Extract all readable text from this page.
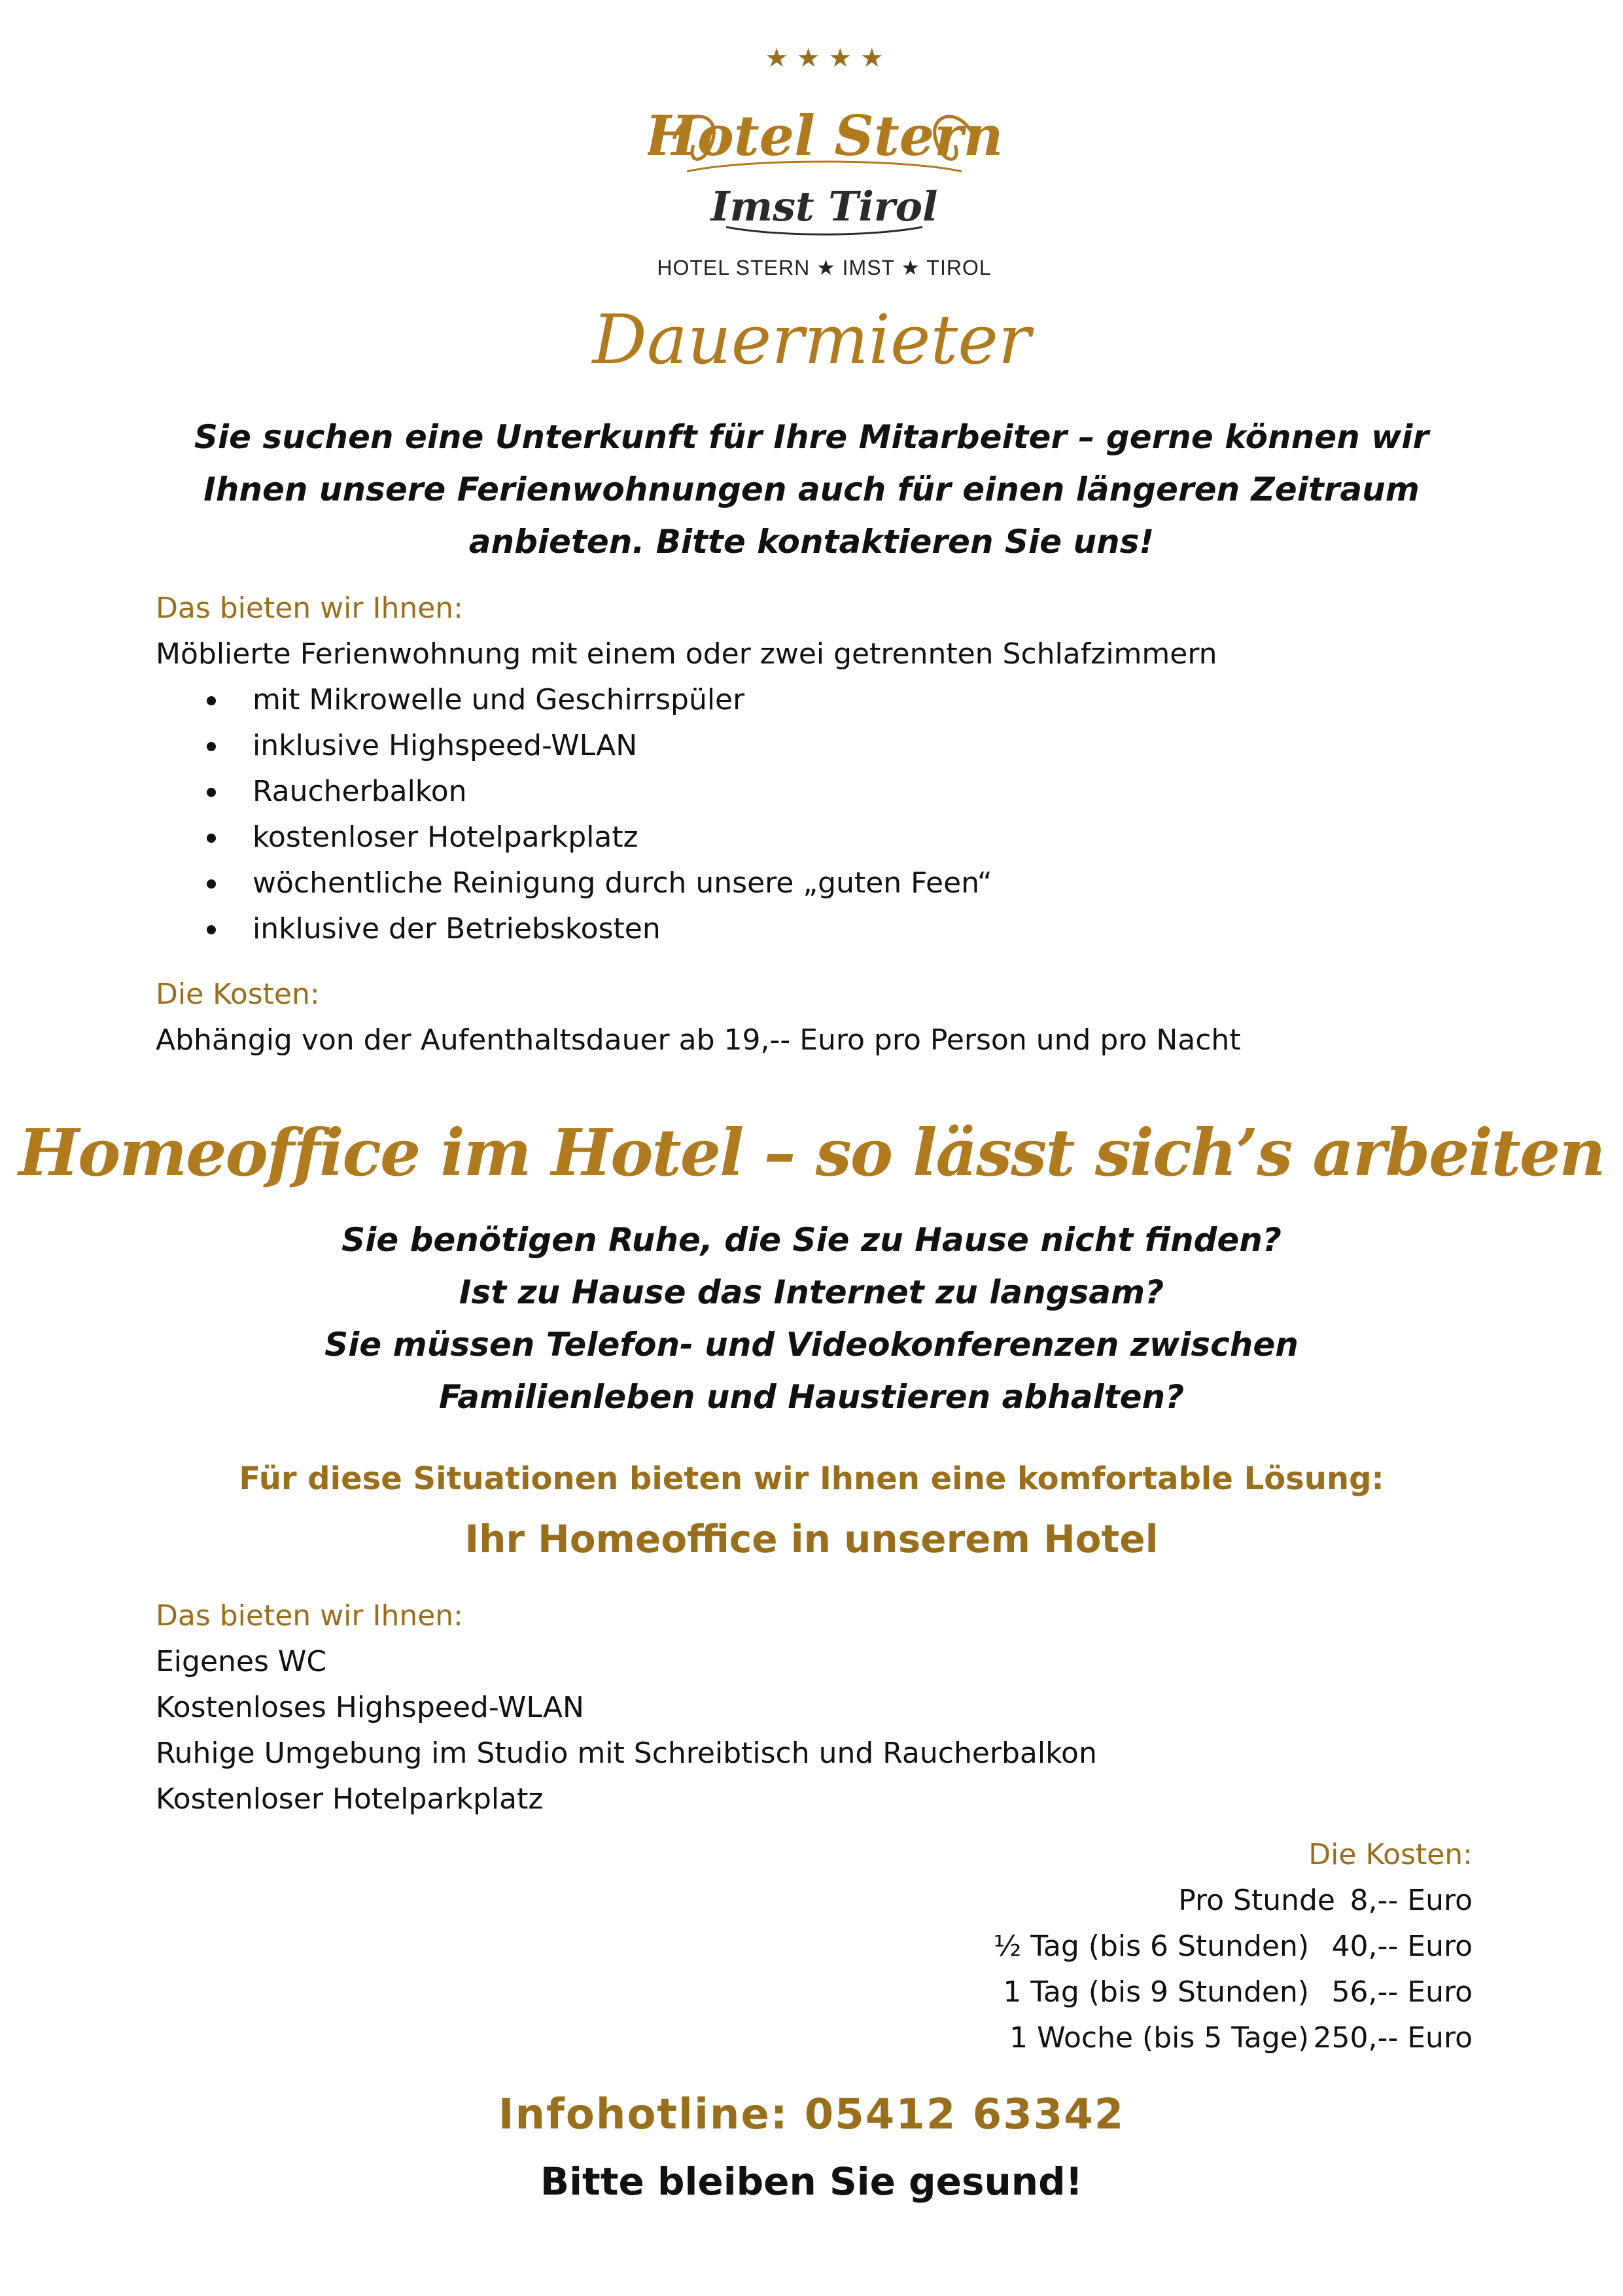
★ ★ ★ ★
Hotel Stern
Imst Tirol
HOTEL STERN ★ IMST ★ TIROL
Dauermieter
Sie suchen eine Unterkunft für Ihre Mitarbeiter – gerne können wir
Ihnen unsere Ferienwohnungen auch für einen längeren Zeitraum
anbieten. Bitte kontaktieren Sie uns!
Das bieten wir Ihnen:
Möblierte Ferienwohnung mit einem oder zwei getrennten Schlafzimmern
mit Mikrowelle und Geschirrspüler
inklusive Highspeed-WLAN
Raucherbalkon
kostenloser Hotelparkplatz
wöchentliche Reinigung durch unsere „guten Feen“
inklusive der Betriebskosten
Die Kosten:
Abhängig von der Aufenthaltsdauer ab 19,-- Euro pro Person und pro Nacht
Homeoffice im Hotel – so lässt sich’s arbeiten
Sie benötigen Ruhe, die Sie zu Hause nicht finden?
Ist zu Hause das Internet zu langsam?
Sie müssen Telefon- und Videokonferenzen zwischen
Familienleben und Haustieren abhalten?
Für diese Situationen bieten wir Ihnen eine komfortable Lösung:
Ihr Homeoffice in unserem Hotel
Das bieten wir Ihnen:
Eigenes WC
Kostenloses Highspeed-WLAN
Ruhige Umgebung im Studio mit Schreibtisch und Raucherbalkon
Kostenloser Hotelparkplatz
Die Kosten:
Pro Stunde 8,-- Euro
½ Tag (bis 6 Stunden) 40,-- Euro
1 Tag (bis 9 Stunden) 56,-- Euro
1 Woche (bis 5 Tage) 250,-- Euro
Infohotline: 05412 63342
Bitte bleiben Sie gesund!
